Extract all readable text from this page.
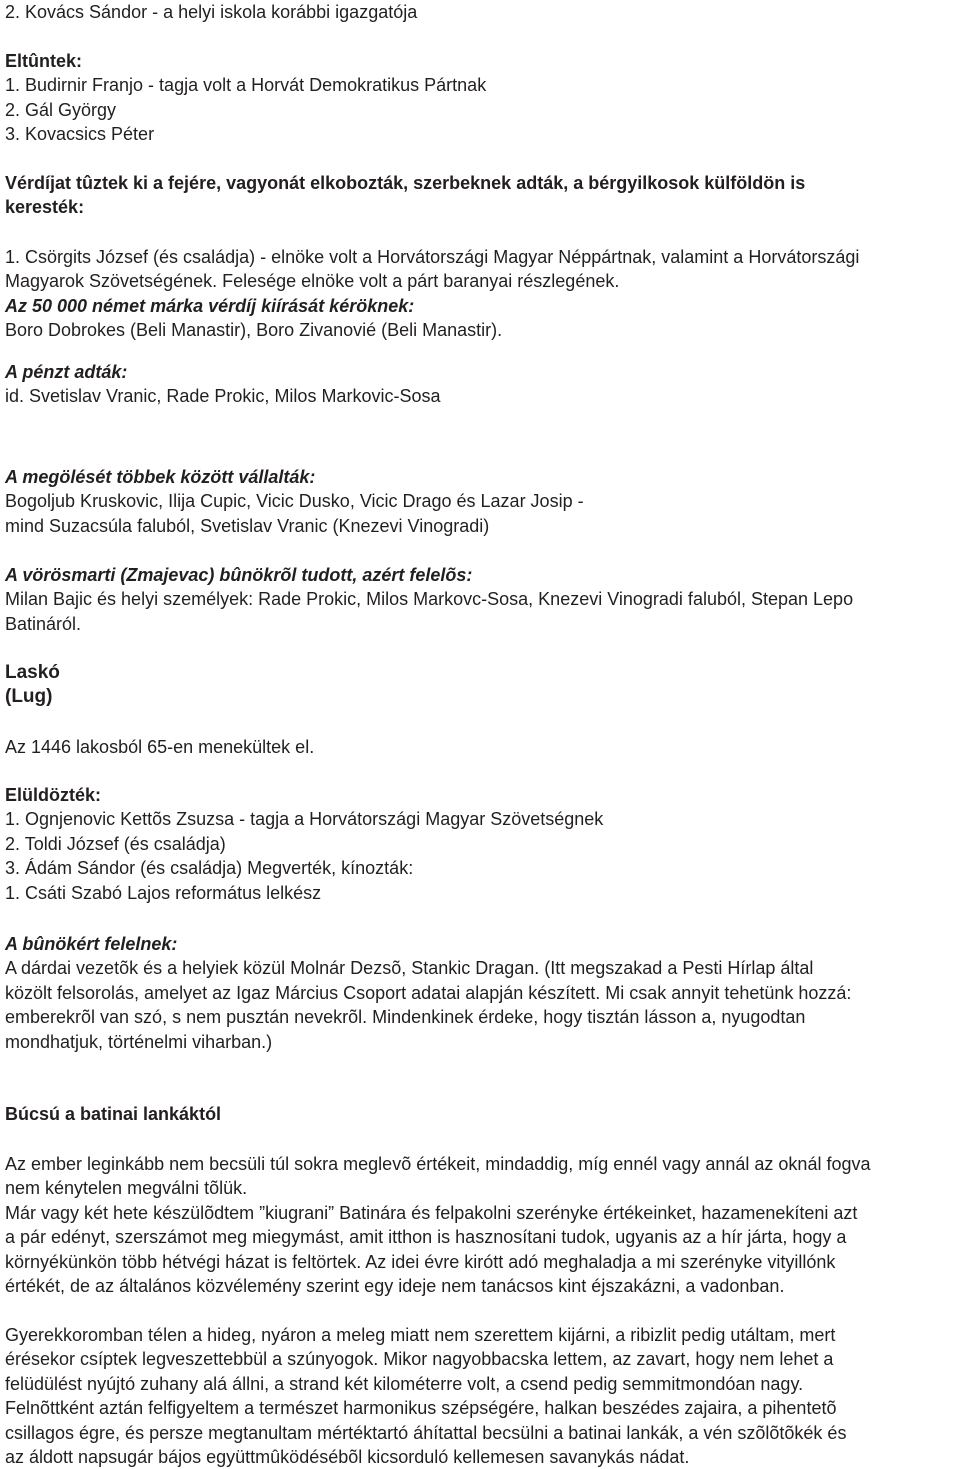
2. Kovács Sándor - a helyi iskola korábbi igazgatója
Eltûntek:
1. Budirnir Franjo - tagja volt a Horvát Demokratikus Pártnak
2. Gál György
3. Kovacsics Péter
Vérdíjat tûztek ki a fejére, vagyonát elkobozták, szerbeknek adták, a bérgyilkosok külföldön is
keresték:
1. Csörgits József (és családja) - elnöke volt a Horvátországi Magyar Néppártnak, valamint a Horvátországi
Magyarok Szövetségének. Felesége elnöke volt a párt baranyai részlegének.
Az 50 000 német márka vérdíj kiírását kéröknek:
Boro Dobrokes (Beli Manastir), Boro Zivanovié (Beli Manastir).
A pénzt adták:
id. Svetislav Vranic, Rade Prokic, Milos Markovic-Sosa
A megölését többek között vállalták:
Bogoljub Kruskovic, Ilija Cupic, Vicic Dusko, Vicic Drago és Lazar Josip -
mind Suzacsúla faluból, Svetislav Vranic (Knezevi Vinogradi)
A vörösmarti (Zmajevac) bûnökrõl tudott, azért felelõs:
Milan Bajic és helyi személyek: Rade Prokic, Milos Markovc-Sosa, Knezevi Vinogradi faluból, Stepan Lepo
Batináról.
Laskó
(Lug)
Az 1446 lakosból 65-en menekültek el.
Elüldözték:
1. Ognjenovic Kettõs Zsuzsa - tagja a Horvátországi Magyar Szövetségnek
2. Toldi József (és családja)
3. Ádám Sándor (és családja) Megverték, kínozták:
1. Csáti Szabó Lajos református lelkész
A bûnökért felelnek:
A dárdai vezetõk és a helyiek közül Molnár Dezsõ, Stankic Dragan. (Itt megszakad a Pesti Hírlap által
közölt felsorolás, amelyet az Igaz Március Csoport adatai alapján készített. Mi csak annyit tehetünk hozzá:
emberekrõl van szó, s nem pusztán nevekrõl. Mindenkinek érdeke, hogy tisztán lásson a, nyugodtan
mondhatjuk, történelmi viharban.)
Búcsú a batinai lankáktól
Az ember leginkább nem becsüli túl sokra meglevõ értékeit, mindaddig, míg ennél vagy annál az oknál fogva
nem kénytelen megválni tõlük.
Már vagy két hete készülõdtem ”kiugrani” Batinára és felpakolni szerényke értékeinket, hazamenekíteni azt
a pár edényt, szerszámot meg miegymást, amit itthon is hasznosítani tudok, ugyanis az a hír járta, hogy a
környékünkön több hétvégi házat is feltörtek. Az idei évre kirótt adó meghaladja a mi szerényke vityillónk
értékét, de az általános közvélemény szerint egy ideje nem tanácsos kint éjszakázni, a vadonban.
Gyerekkoromban télen a hideg, nyáron a meleg miatt nem szerettem kijárni, a ribizlit pedig utáltam, mert
érésekor csíptek legveszettebbül a szúnyogok. Mikor nagyobbacska lettem, az zavart, hogy nem lehet a
felüdülést nyújtó zuhany alá állni, a strand két kilométerre volt, a csend pedig semmitmondóan nagy.
Felnõttként aztán felfigyeltem a természet harmonikus szépségére, halkan beszédes zajaira, a pihentetõ
csillagos égre, és persze megtanultam mértéktartó áhítattal becsülni a batinai lankák, a vén szõlõtõkék és
az áldott napsugár bájos együttmûködésébõl kicsorduló kellemesen savanykás nádat.
